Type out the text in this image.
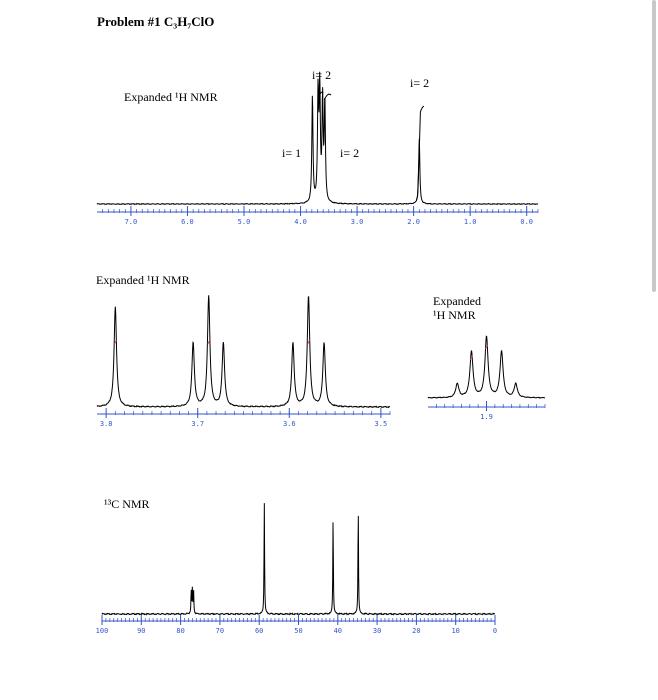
Problem #1 C₃H₇ClO
Expanded ¹H NMR
i= 2
i= 2
i= 1	i= 2
Expanded ¹H NMR
Expanded
¹H NMR
¹³C NMR
7.0	6.0	5.0	4.0	3.0	2.0	1.0	0.0
3.8	3.7	3.6	3.5
1.9
100	90	80	70	60	50	40	30	20	10	0
